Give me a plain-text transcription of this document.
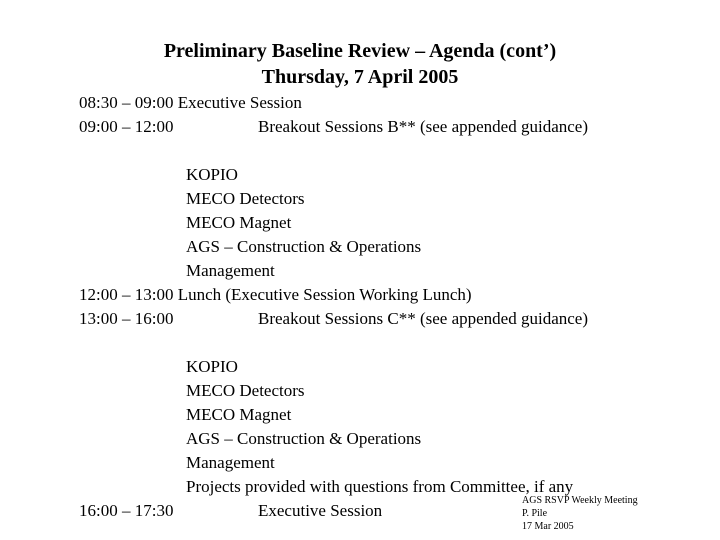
Preliminary Baseline Review – Agenda (cont’)
Thursday, 7 April 2005
08:30 – 09:00 Executive Session
09:00 – 12:00	Breakout Sessions B** (see appended guidance)
KOPIO
MECO Detectors
MECO Magnet
AGS – Construction & Operations
Management
12:00 – 13:00 Lunch (Executive Session Working Lunch)
13:00 – 16:00	Breakout Sessions C** (see appended guidance)
KOPIO
MECO Detectors
MECO Magnet
AGS – Construction & Operations
Management
Projects provided with questions from Committee, if any
16:00 – 17:30	Executive Session
AGS RSVP Weekly Meeting
P. Pile
17 Mar 2005
